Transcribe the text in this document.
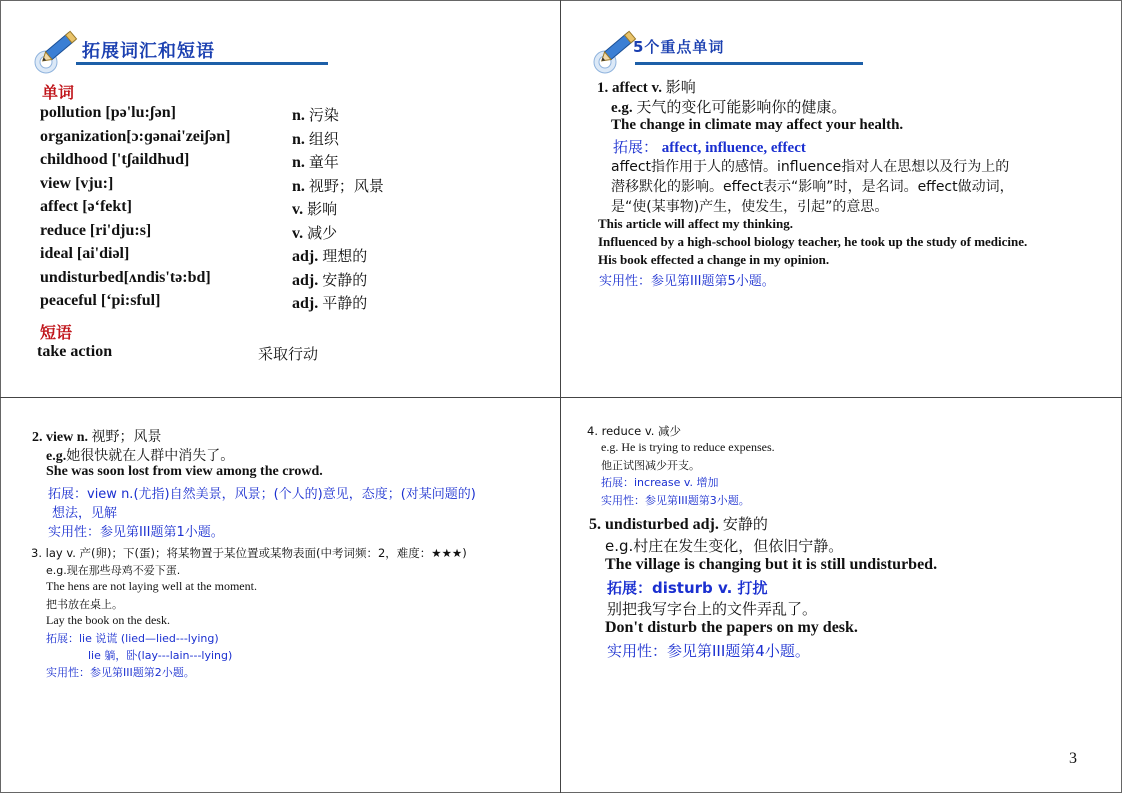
拓展词汇和短语
单词
pollution [pə'lu:ʃən]	n. 污染
organization[ɔ:ɡənai'zeiʃən]	n. 组织
childhood ['tʃaildhud]	n. 童年
view [vju:]	n. 视野；风景
affect [ə‘fekt]	v. 影响
reduce [ri'dju:s]	v. 减少
ideal [ai'diəl]	adj. 理想的
undisturbed[ʌndis'tə:bd]	adj. 安静的
peaceful [‘pi:sful]	adj. 平静的
短语
take action	采取行动
5个重点单词
1. affect v. 影响
e.g. 天气的变化可能影响你的健康。
The change in climate may affect your health.
拓展： affect, influence, effect
affect指作用于人的感情。influence指对人在思想以及行为上的
潜移默化的影响。effect表示“影响”时，是名词。effect做动词，
是“使(某事物)产生，使发生，引起”的意思。
This article will affect my thinking.
Influenced by a high-school biology teacher, he took up the study of medicine.
His book effected a change in my opinion.
实用性：参见第III题第5小题。
2. view n. 视野；风景
e.g.她很快就在人群中消失了。
She was soon lost from view among the crowd.
拓展：view n.(尤指)自然美景，风景；(个人的)意见，态度；(对某问题的)
想法，见解
实用性：参见第III题第1小题。
3. lay v. 产(卵)；下(蛋)；将某物置于某位置或某物表面(中考词频：2，难度：★★★)
e.g.现在那些母鸡不爱下蛋.
The hens are not laying well at the moment.
把书放在桌上。
Lay the book on the desk.
拓展：lie 说谎 (lied—lied---lying)
lie 躺，卧(lay---lain---lying)
实用性：参见第III题第2小题。
4. reduce v. 减少
e.g. He is trying to reduce expenses.
他正试图减少开支。
拓展：increase v. 增加
实用性：参见第III题第3小题。
5. undisturbed adj. 安静的
e.g.村庄在发生变化，但依旧宁静。
The village is changing but it is still undisturbed.
拓展：disturb v. 打扰
别把我写字台上的文件弄乱了。
Don't disturb the papers on my desk.
实用性：参见第III题第4小题。
3
